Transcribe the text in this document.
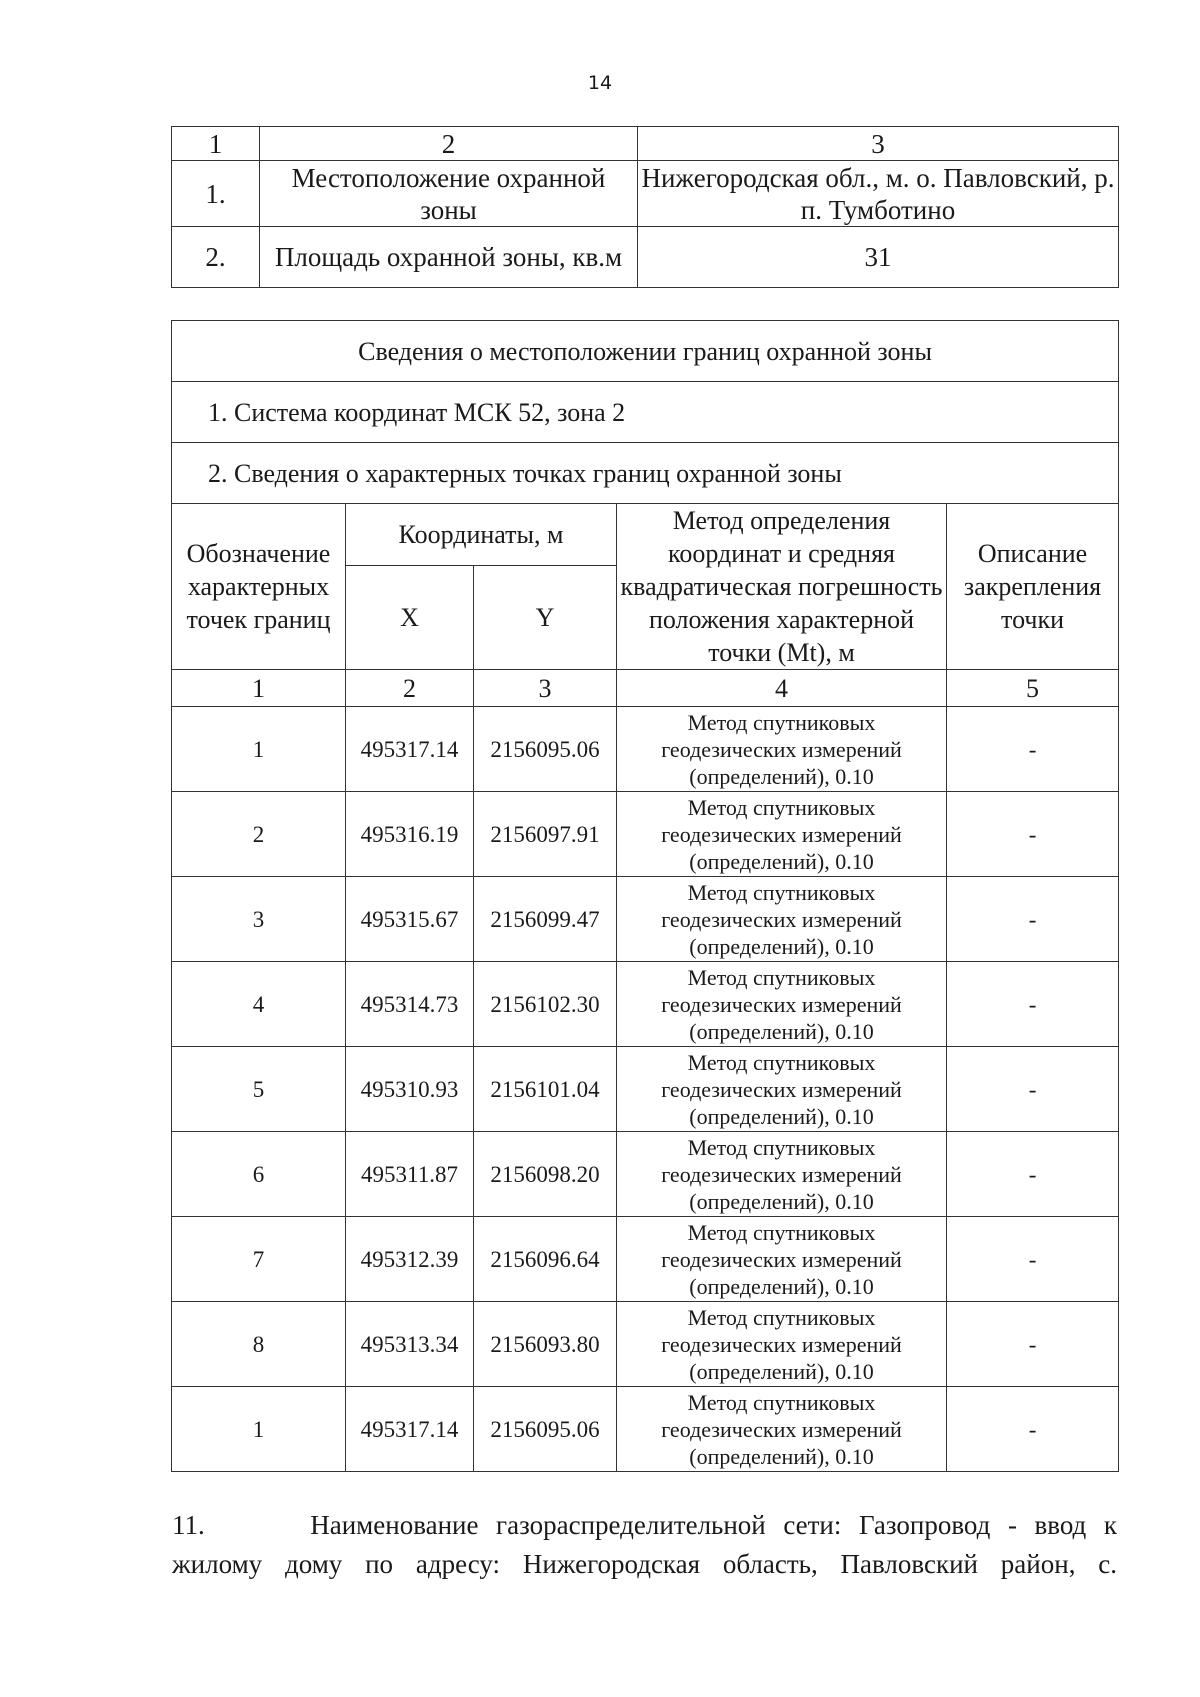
14
1	2	3
1.	Местоположение охранной зоны	Нижегородская обл., м. о. Павловский, р. п. Тумботино
2.	Площадь охранной зоны, кв.м	31
Сведения о местоположении границ охранной зоны				
1. Система координат МСК 52, зона 2				
2. Сведения о характерных точках границ охранной зоны				
Обозначение характерных точек границ	Координаты, м		Метод определения координат и средняя квадратическая погрешность положения характерной точки (Mt), м	Описание закрепления точки
	X	Y		
1	2	3	4	5
1	495317.14	2156095.06	Метод спутниковых геодезических измерений (определений), 0.10	-
2	495316.19	2156097.91	Метод спутниковых геодезических измерений (определений), 0.10	-
3	495315.67	2156099.47	Метод спутниковых геодезических измерений (определений), 0.10	-
4	495314.73	2156102.30	Метод спутниковых геодезических измерений (определений), 0.10	-
5	495310.93	2156101.04	Метод спутниковых геодезических измерений (определений), 0.10	-
6	495311.87	2156098.20	Метод спутниковых геодезических измерений (определений), 0.10	-
7	495312.39	2156096.64	Метод спутниковых геодезических измерений (определений), 0.10	-
8	495313.34	2156093.80	Метод спутниковых геодезических измерений (определений), 0.10	-
1	495317.14	2156095.06	Метод спутниковых геодезических измерений (определений), 0.10	-
11.      Наименование газораспределительной сети: Газопровод - ввод к
жилому дому по адресу: Нижегородская область, Павловский район, с.
